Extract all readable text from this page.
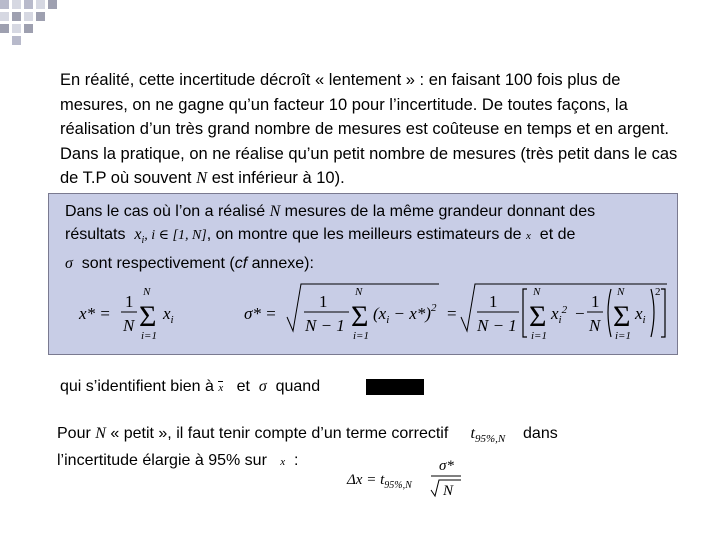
En réalité, cette incertitude décroît « lentement » : en faisant 100 fois plus de mesures, on ne gagne qu’un facteur 10 pour l’incertitude. De toutes façons, la réalisation d’un très grand nombre de mesures est coûteuse en temps et en argent. Dans la pratique, on ne réalise qu’un petit nombre de mesures (très petit dans le cas de T.P où souvent N est inférieur à 10).
Dans le cas où l’on a réalisé N mesures de la même grandeur donnant des
résultats $x_i$, i ∈ [1, N], on montre que les meilleurs estimateurs de x et de
σ sont respectivement (cf annexe):
x* =
1
N Σ
N
i=1
$x_i$	σ* =
1
N − 1 Σ
N
i=1
$(x_i - x*)^2$ =
1
N − 1 Σ
N
i=1
$x_i^2$ −
1
N Σ
N
i=1
$x_i$
2
qui s’identifient bien à x et σ quand
Pour N « petit », il faut tenir compte d’un terme correctif $t_{95\%,N}$ dans
l’incertitude élargie à 95% sur x :
$\Delta x = t_{95\%,N}$
σ*
N
